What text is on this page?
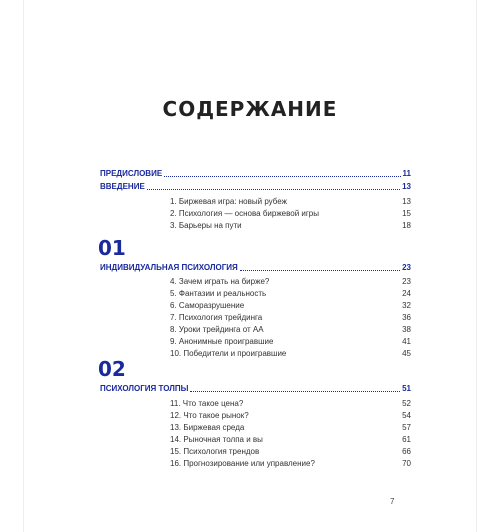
СОДЕРЖАНИЕ
ПРЕДИСЛОВИЕ	11
ВВЕДЕНИЕ	13
1. Биржевая игра: новый рубеж	13
2. Психология — основа биржевой игры	15
3. Барьеры на пути	18
01
ИНДИВИДУАЛЬНАЯ ПСИХОЛОГИЯ	23
4. Зачем играть на бирже?	23
5. Фантазии и реальность	24
6. Саморазрушение	32
7. Психология трейдинга	36
8. Уроки трейдинга от АА	38
9. Анонимные проигравшие	41
10. Победители и проигравшие	45
02
ПСИХОЛОГИЯ ТОЛПЫ	51
11. Что такое цена?	52
12. Что такое рынок?	54
13. Биржевая среда	57
14. Рыночная толпа и вы	61
15. Психология трендов	66
16. Прогнозирование или управление?	70
7
